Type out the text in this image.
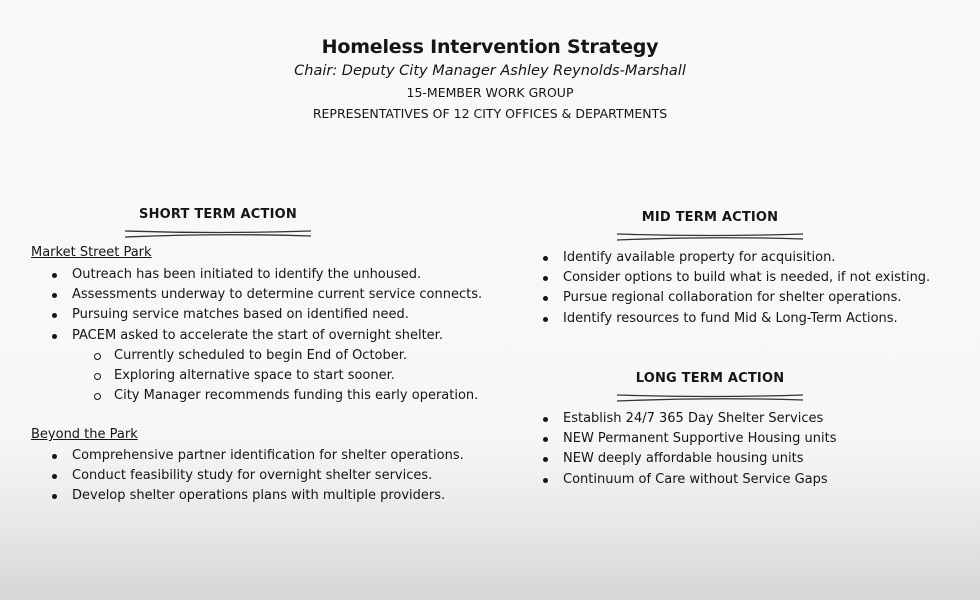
Homeless Intervention Strategy
Chair: Deputy City Manager Ashley Reynolds-Marshall
15-MEMBER WORK GROUP
REPRESENTATIVES OF 12 CITY OFFICES & DEPARTMENTS
SHORT TERM ACTION
Market Street Park
Outreach has been initiated to identify the unhoused.
Assessments underway to determine current service connects.
Pursuing service matches based on identified need.
PACEM asked to accelerate the start of overnight shelter.
Currently scheduled to begin End of October.
Exploring alternative space to start sooner.
City Manager recommends funding this early operation.
Beyond the Park
Comprehensive partner identification for shelter operations.
Conduct feasibility study for overnight shelter services.
Develop shelter operations plans with multiple providers.
MID TERM ACTION
Identify available property for acquisition.
Consider options to build what is needed, if not existing.
Pursue regional collaboration for shelter operations.
Identify resources to fund Mid & Long-Term Actions.
LONG TERM ACTION
Establish 24/7 365 Day Shelter Services
NEW Permanent Supportive Housing units
NEW deeply affordable housing units
Continuum of Care without Service Gaps
